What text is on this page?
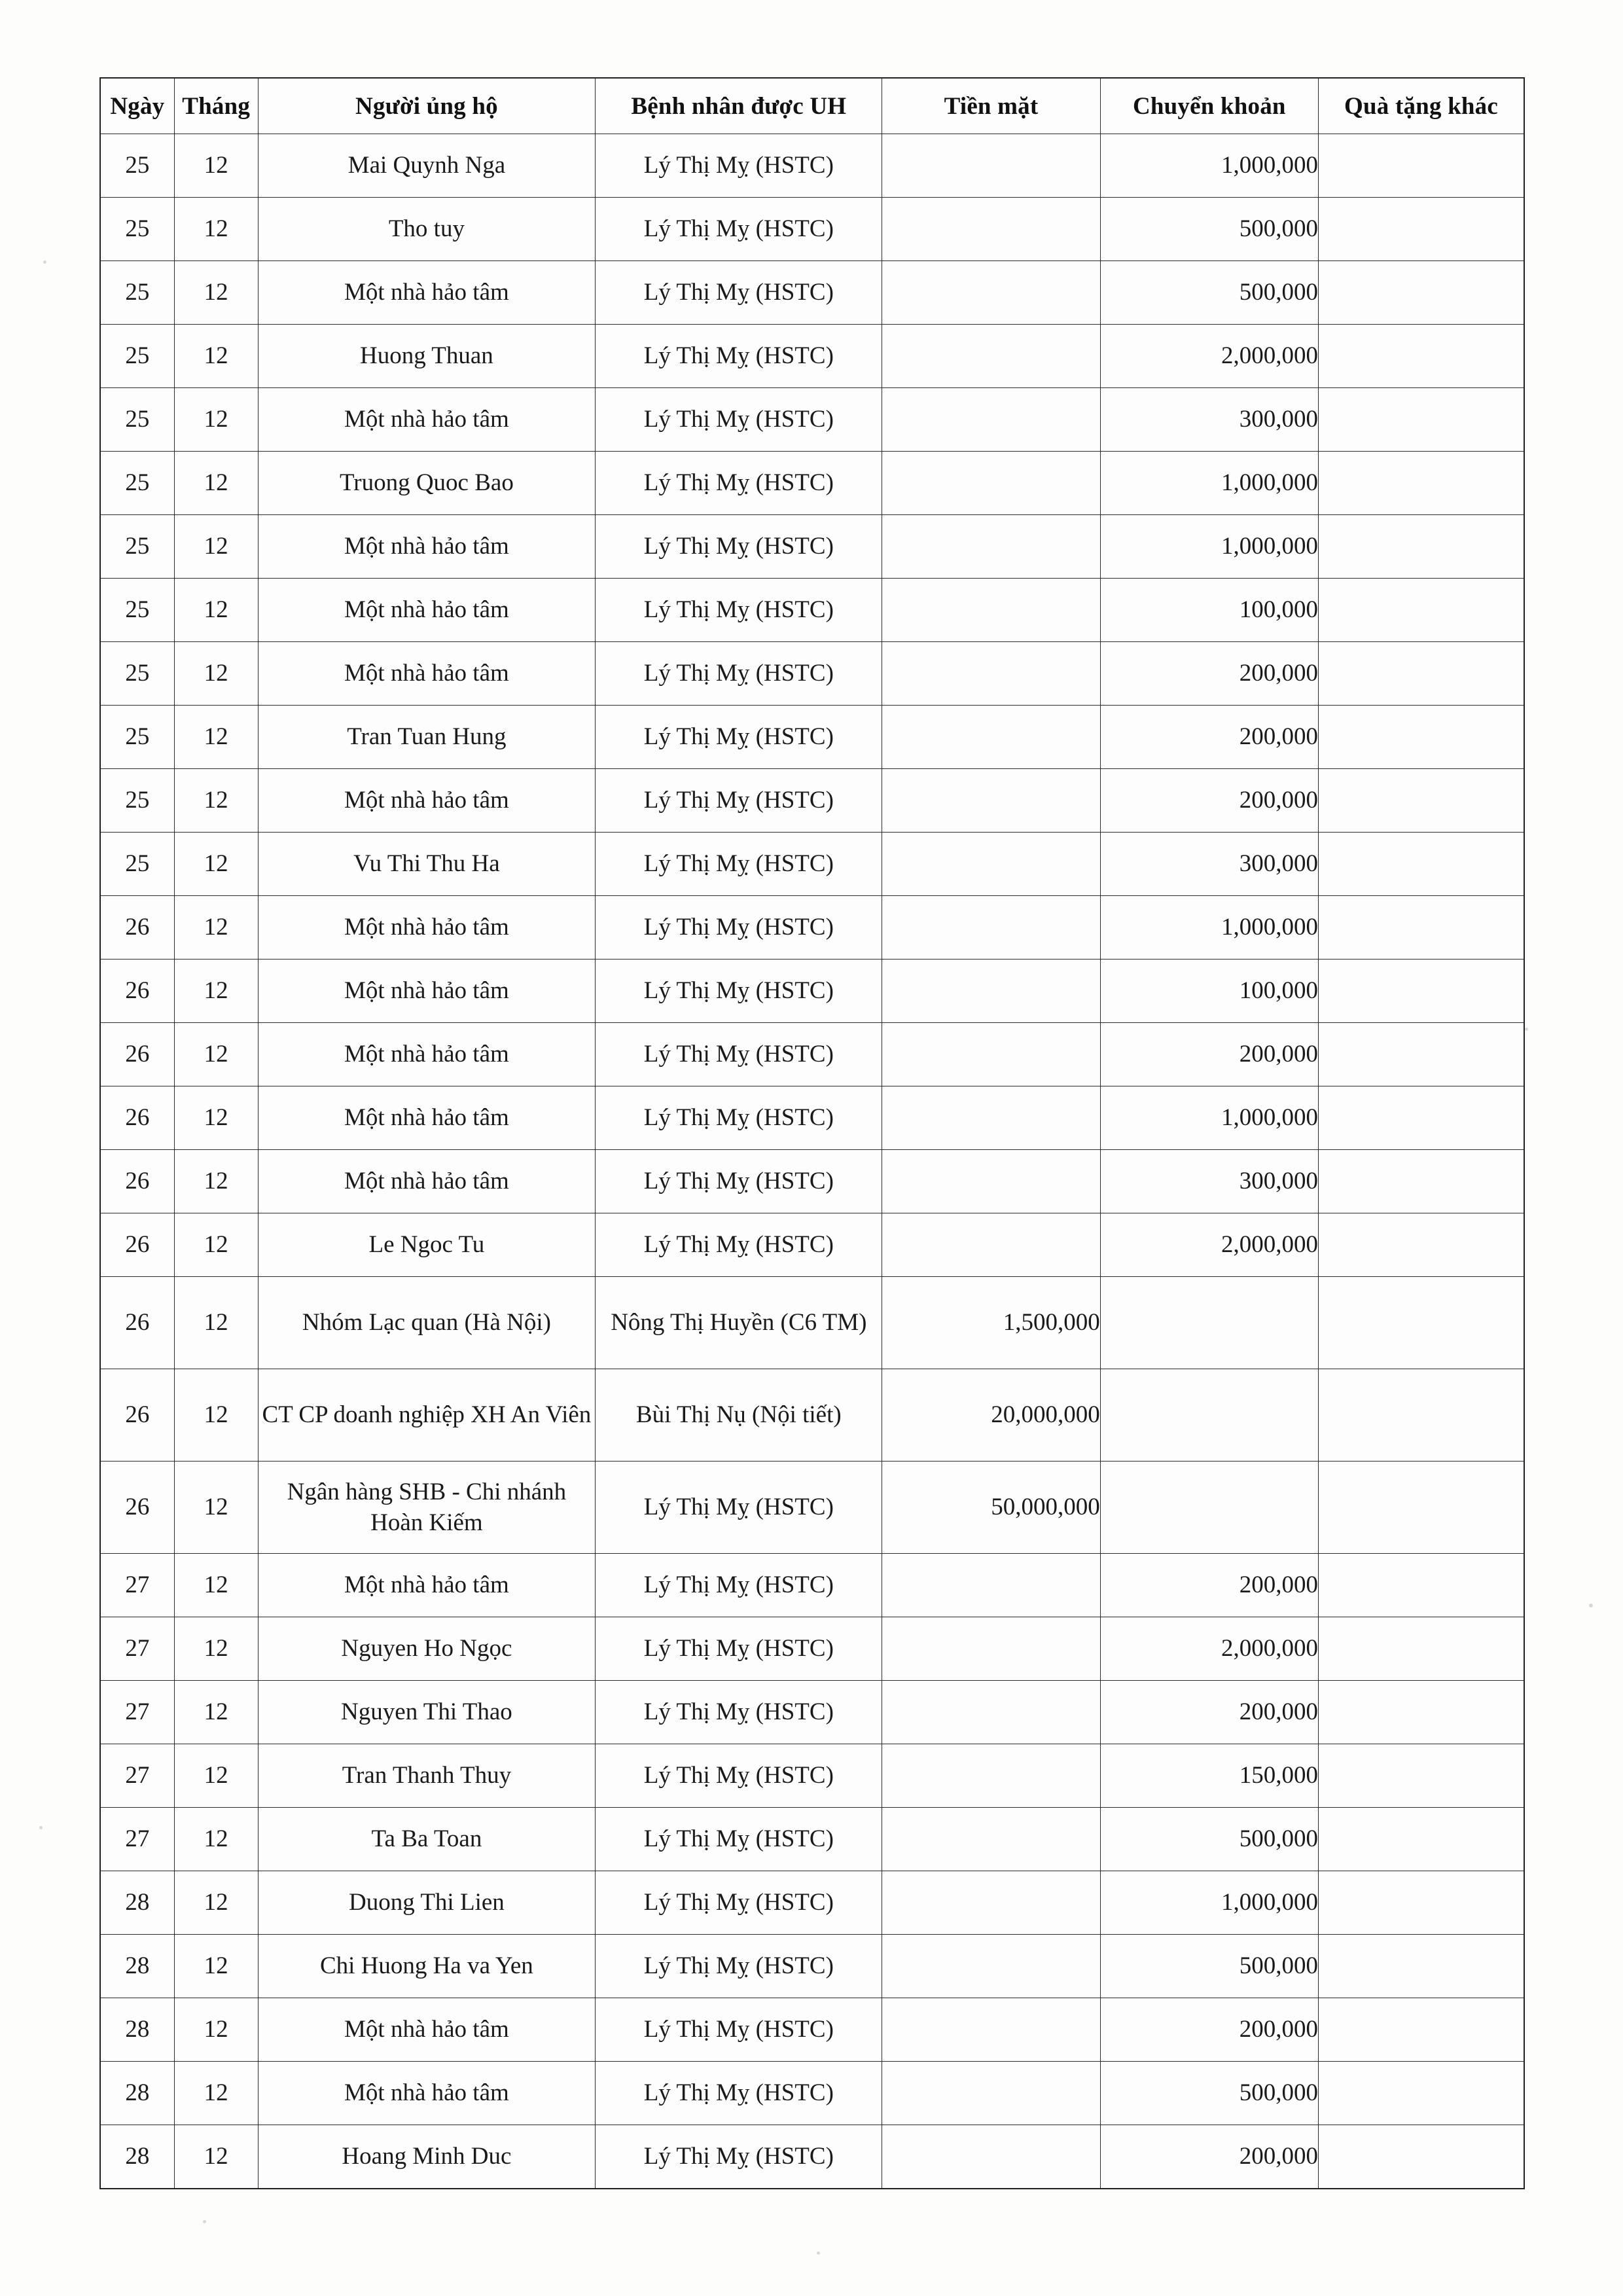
Ngày	Tháng	Người ủng hộ	Bệnh nhân được UH	Tiền mặt	Chuyển khoản	Quà tặng khác
25	12	Mai Quynh Nga	Lý Thị Mỵ (HSTC)		1,000,000	
25	12	Tho tuy	Lý Thị Mỵ (HSTC)		500,000	
25	12	Một nhà hảo tâm	Lý Thị Mỵ (HSTC)		500,000	
25	12	Huong Thuan	Lý Thị Mỵ (HSTC)		2,000,000	
25	12	Một nhà hảo tâm	Lý Thị Mỵ (HSTC)		300,000	
25	12	Truong Quoc Bao	Lý Thị Mỵ (HSTC)		1,000,000	
25	12	Một nhà hảo tâm	Lý Thị Mỵ (HSTC)		1,000,000	
25	12	Một nhà hảo tâm	Lý Thị Mỵ (HSTC)		100,000	
25	12	Một nhà hảo tâm	Lý Thị Mỵ (HSTC)		200,000	
25	12	Tran Tuan Hung	Lý Thị Mỵ (HSTC)		200,000	
25	12	Một nhà hảo tâm	Lý Thị Mỵ (HSTC)		200,000	
25	12	Vu Thi Thu Ha	Lý Thị Mỵ (HSTC)		300,000	
26	12	Một nhà hảo tâm	Lý Thị Mỵ (HSTC)		1,000,000	
26	12	Một nhà hảo tâm	Lý Thị Mỵ (HSTC)		100,000	
26	12	Một nhà hảo tâm	Lý Thị Mỵ (HSTC)		200,000	
26	12	Một nhà hảo tâm	Lý Thị Mỵ (HSTC)		1,000,000	
26	12	Một nhà hảo tâm	Lý Thị Mỵ (HSTC)		300,000	
26	12	Le Ngoc Tu	Lý Thị Mỵ (HSTC)		2,000,000	
26	12	Nhóm Lạc quan (Hà Nội)	Nông Thị Huyền (C6 TM)	1,500,000		
26	12	CT CP doanh nghiệp XH An Viên	Bùi Thị Nụ (Nội tiết)	20,000,000		
26	12	Ngân hàng SHB - Chi nhánh Hoàn Kiếm	Lý Thị Mỵ (HSTC)	50,000,000		
27	12	Một nhà hảo tâm	Lý Thị Mỵ (HSTC)		200,000	
27	12	Nguyen Ho Ngọc	Lý Thị Mỵ (HSTC)		2,000,000	
27	12	Nguyen Thi Thao	Lý Thị Mỵ (HSTC)		200,000	
27	12	Tran Thanh Thuy	Lý Thị Mỵ (HSTC)		150,000	
27	12	Ta Ba Toan	Lý Thị Mỵ (HSTC)		500,000	
28	12	Duong Thi Lien	Lý Thị Mỵ (HSTC)		1,000,000	
28	12	Chi Huong Ha va Yen	Lý Thị Mỵ (HSTC)		500,000	
28	12	Một nhà hảo tâm	Lý Thị Mỵ (HSTC)		200,000	
28	12	Một nhà hảo tâm	Lý Thị Mỵ (HSTC)		500,000	
28	12	Hoang Minh Duc	Lý Thị Mỵ (HSTC)		200,000	
